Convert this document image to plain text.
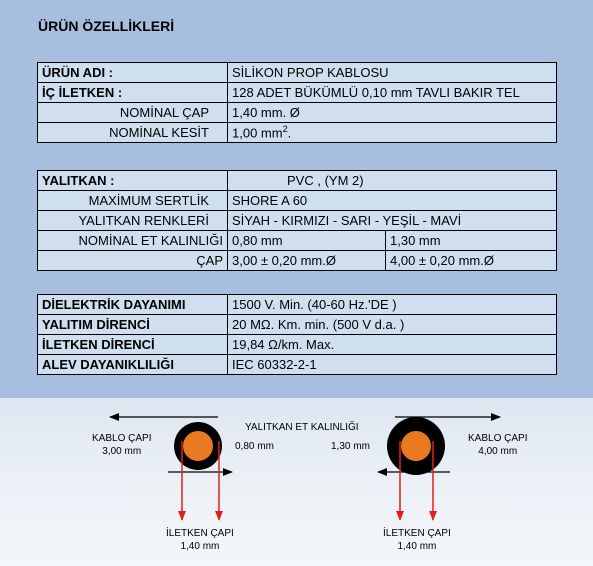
ÜRÜN ÖZELLİKLERİ
ÜRÜN ADI :	SİLİKON PROP KABLOSU
İÇ İLETKEN :	128 ADET BÜKÜMLÜ 0,10 mm TAVLI BAKIR TEL
NOMİNAL ÇAP	1,40 mm. Ø
NOMİNAL KESİT	1,00 $mm^2$.
YALITKAN :	PVC , (YM 2)	
MAXİMUM SERTLİK	SHORE A 60	
YALITKAN RENKLERİ	SİYAH - KIRMIZI - SARI - YEŞİL - MAVİ	
NOMİNAL ET KALINLIĞI	0,80 mm	1,30 mm
ÇAP	3,00 ± 0,20 mm.Ø	4,00 ± 0,20 mm.Ø
DİELEKTRİK DAYANIMI	1500 V. Min. (40-60 Hz.'DE )
YALITIM DİRENCİ	20 MΩ. Km. min. (500 V d.a. )
İLETKEN DİRENCİ	19,84 Ω/km. Max.
ALEV DAYANIKLILIĞI	IEC 60332-2-1
YALITKAN ET KALINLIĞI
0,80 mm	1,30 mm
KABLO ÇAPI
3,00 mm
KABLO ÇAPI
4,00 mm
İLETKEN ÇAPI
1,40 mm
İLETKEN ÇAPI
1,40 mm
